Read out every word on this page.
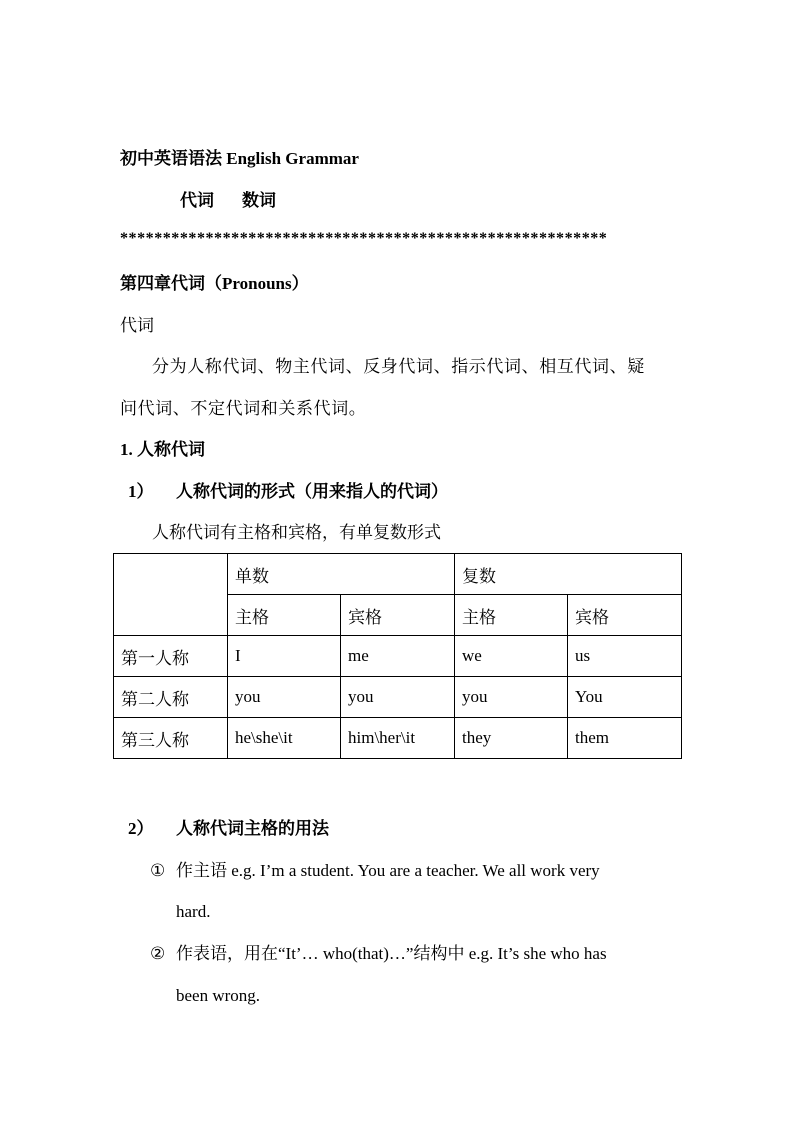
初中英语语法 English Grammar
代词 数词
*********************************************************
第四章代词（Pronouns）
代词
分为人称代词、物主代词、反身代词、指示代词、相互代词、疑
问代词、不定代词和关系代词。
1. 人称代词
1） 人称代词的形式（用来指人的代词）
人称代词有主格和宾格，有单复数形式
	单数		复数	
	主格	宾格	主格	宾格
第一人称	I	me	we	us
第二人称	you	you	you	You
第三人称	he\she\it	him\her\it	they	them
2） 人称代词主格的用法
① 作主语 e.g. I’m a student. You are a teacher. We all work very
hard.
② 作表语，用在“It’… who(that)…”结构中 e.g. It’s she who has
been wrong.
